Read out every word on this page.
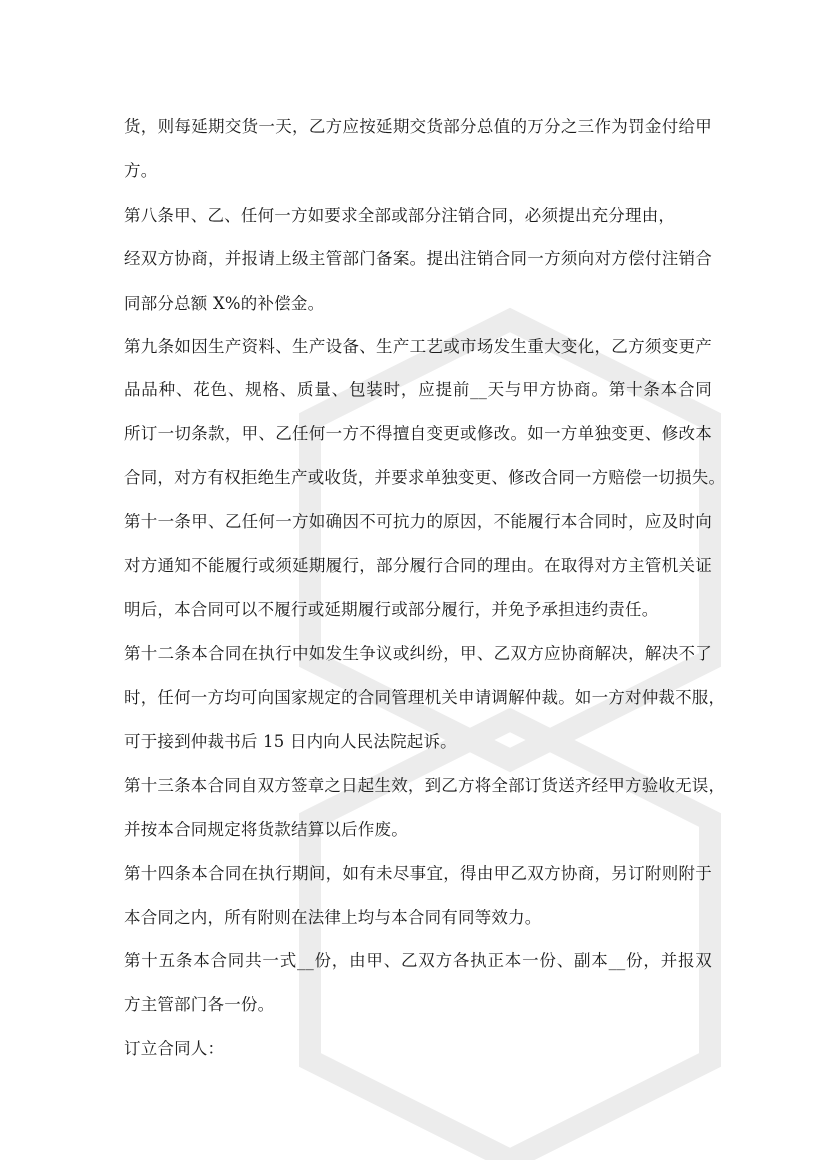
货，则每延期交货一天，乙方应按延期交货部分总值的万分之三作为罚金付给甲
方。
第八条甲、乙、任何一方如要求全部或部分注销合同，必须提出充分理由，
经双方协商，并报请上级主管部门备案。提出注销合同一方须向对方偿付注销合
同部分总额 X%的补偿金。
第九条如因生产资料、生产设备、生产工艺或市场发生重大变化，乙方须变更产
品品种、花色、规格、质量、包装时，应提前__天与甲方协商。第十条本合同
所订一切条款，甲、乙任何一方不得擅自变更或修改。如一方单独变更、修改本
合同，对方有权拒绝生产或收货，并要求单独变更、修改合同一方赔偿一切损失。
第十一条甲、乙任何一方如确因不可抗力的原因，不能履行本合同时，应及时向
对方通知不能履行或须延期履行，部分履行合同的理由。在取得对方主管机关证
明后，本合同可以不履行或延期履行或部分履行，并免予承担违约责任。
第十二条本合同在执行中如发生争议或纠纷，甲、乙双方应协商解决，解决不了
时，任何一方均可向国家规定的合同管理机关申请调解仲裁。如一方对仲裁不服，
可于接到仲裁书后 15 日内向人民法院起诉。
第十三条本合同自双方签章之日起生效，到乙方将全部订货送齐经甲方验收无误，
并按本合同规定将货款结算以后作废。
第十四条本合同在执行期间，如有未尽事宜，得由甲乙双方协商，另订附则附于
本合同之内，所有附则在法律上均与本合同有同等效力。
第十五条本合同共一式__份，由甲、乙双方各执正本一份、副本__份，并报双
方主管部门各一份。
订立合同人：
